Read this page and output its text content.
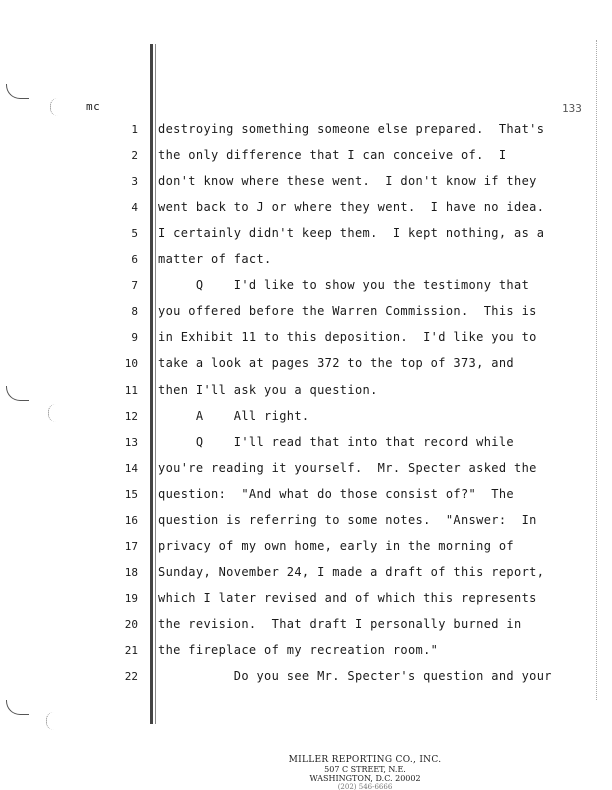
mc	133
1 destroying something someone else prepared.  That's
2 the only difference that I can conceive of.  I
3 don't know where these went.  I don't know if they
4 went back to J or where they went.  I have no idea.
5 I certainly didn't keep them.  I kept nothing, as a
6 matter of fact.
7 Q    I'd like to show you the testimony that
8 you offered before the Warren Commission.  This is
9 in Exhibit 11 to this deposition.  I'd like you to
10 take a look at pages 372 to the top of 373, and
11 then I'll ask you a question.
12 A    All right.
13 Q    I'll read that into that record while
14 you're reading it yourself.  Mr. Specter asked the
15 question:  "And what do those consist of?"  The
16 question is referring to some notes.  "Answer:  In
17 privacy of my own home, early in the morning of
18 Sunday, November 24, I made a draft of this report,
19 which I later revised and of which this represents
20 the revision.  That draft I personally burned in
21 the fireplace of my recreation room."
22 Do you see Mr. Specter's question and your
MILLER REPORTING CO., INC.
507 C STREET, N.E.
WASHINGTON, D.C. 20002
(202) 546-6666
